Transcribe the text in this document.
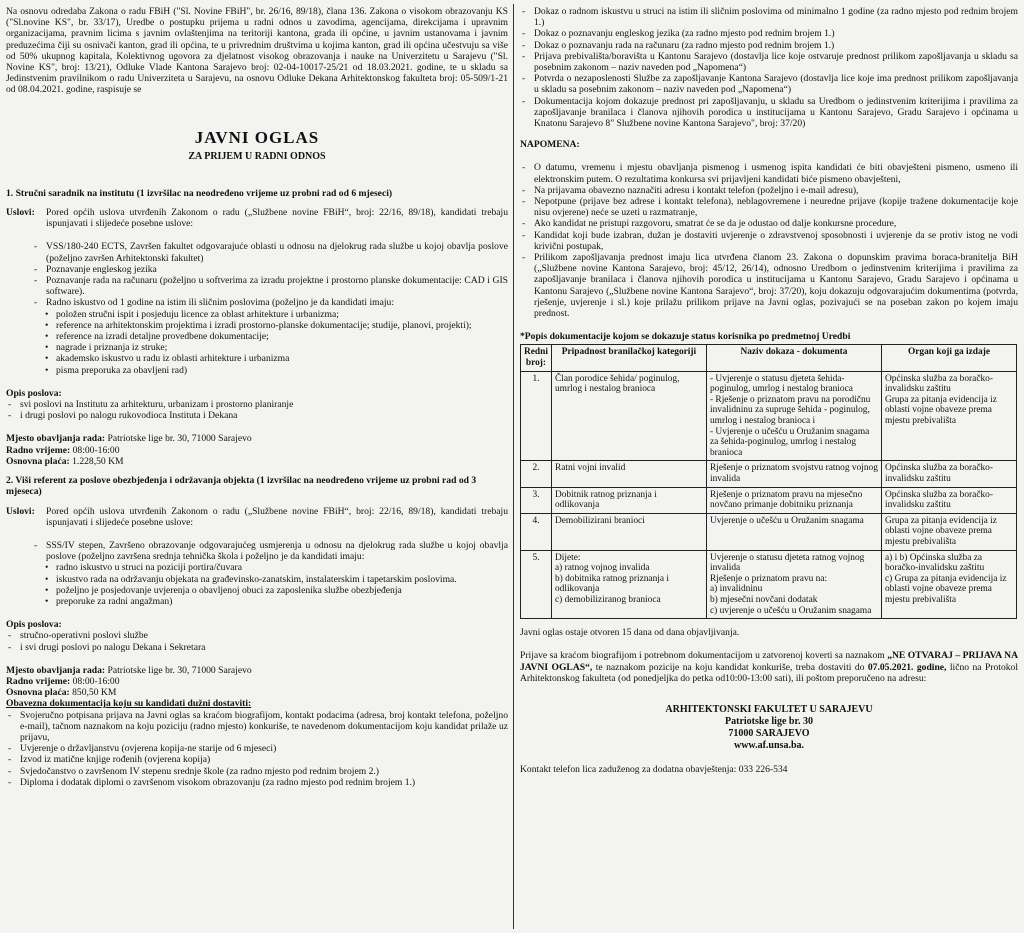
Na osnovu odredaba Zakona o radu FBiH ("Sl. Novine FBiH", br. 26/16, 89/18), člana 136. Zakona o visokom obrazovanju KS ("Sl.novine KS", br. 33/17), Uredbe o postupku prijema u radni odnos u zavodima, agencijama, direkcijama i upravnim organizacijama, pravnim licima s javnim ovlaštenjima na teritoriji kantona, grada ili općine, u javnim ustanovama i javnim preduzećima čiji su osnivači kanton, grad ili općina, te u privrednim društvima u kojima kanton, grad ili općina učestvuju sa više od 50% ukupnog kapitala, Kolektivnog ugovora za djelatnost visokog obrazovanja i nauke na Univerzitetu u Sarajevu ("Sl. Novine KS", broj: 13/21), Odluke Vlade Kantona Sarajevo broj: 02-04-10017-25/21 od 18.03.2021. godine, te u skladu sa Jedinstvenim pravilnikom o radu Univerziteta u Sarajevu, na osnovu Odluke Dekana Arhitektonskog fakulteta broj: 05-509/1-21 od 08.04.2021. godine, raspisuje se

JAVNI OGLAS
ZA PRIJEM U RADNI ODNOS
1. Stručni saradnik na institutu (1 izvršilac na neodređeno vrijeme uz probni rad od 6 mjeseci)
Uslovi:	Pored općih uslova utvrđenih Zakonom o radu („Službene novine FBiH“, broj: 22/16, 89/18), kandidati trebaju ispunjavati i slijedeće posebne uslove:

- VSS/180-240 ECTS, Završen fakultet odgovarajuće oblasti u odnosu na djelokrug rada službe u kojoj obavlja poslove (poželjno završen Arhitektonski fakultet)
- Poznavanje engleskog jezika
- Poznavanje rada na računaru (poželjno u softverima za izradu projektne i prostorno planske dokumentacije: CAD i GIS software).
- Radno iskustvo od 1 godine na istim ili sličnim poslovima (poželjno je da kandidati imaju:
• položen stručni ispit i posjeduju licence za oblast arhitekture i urbanizma;
• reference na arhitektonskim projektima i izradi prostorno-planske dokumentacije; studije, planovi, projekti);
• reference na izradi detaljne provedbene dokumentacije;
• nagrade i priznanja iz struke;
• akademsko iskustvo u radu iz oblasti arhitekture i urbanizma
• pisma preporuka za obavljeni rad)
Opis poslova:
- svi poslovi na Institutu za arhitekturu, urbanizam i prostorno planiranje
- i drugi poslovi po nalogu rukovodioca Instituta i Dekana
Mjesto obavljanja rada: Patriotske lige br. 30, 71000 Sarajevo
Radno vrijeme: 08:00-16:00
Osnovna plaća: 1.228,50 KM
2. Viši referent za poslove obezbjeđenja i održavanja objekta (1 izvršilac na neodređeno vrijeme uz probni rad od 3 mjeseca)
Uslovi:	Pored općih uslova utvrđenih Zakonom o radu („Službene novine FBiH“, broj: 22/16, 89/18), kandidati trebaju ispunjavati i slijedeće posebne uslove:

- SSS/IV stepen, Završeno obrazovanje odgovarajućeg usmjerenja u odnosu na djelokrug rada službe u kojoj obavlja poslove (poželjno završena srednja tehnička škola i poželjno je da kandidati imaju:
• radno iskustvo u struci na poziciji portira/čuvara
• iskustvo rada na održavanju objekata na građevinsko-zanatskim, instalaterskim i tapetarskim poslovima.
• poželjno je posjedovanje uvjerenja o obavljenoj obuci za zaposlenika službe obezbjeđenja
• preporuke za radni angažman)
Opis poslova:
- stručno-operativni poslovi službe
- i svi drugi poslovi po nalogu Dekana i Sekretara
Mjesto obavljanja rada: Patriotske lige br. 30, 71000 Sarajevo
Radno vrijeme: 08:00-16:00
Osnovna plaća: 850,50 KM
Obavezna dokumentacija koju su kandidati dužni dostaviti:
- Svojeručno potpisana prijava na Javni oglas sa kraćom biografijom, kontakt podacima (adresa, broj kontakt telefona, poželjno e-mail), tačnom naznakom na koju poziciju (radno mjesto) konkuriše, te navedenom dokumentacijom koju kandidat prilaže uz prijavu,
- Uvjerenje o državljanstvu (ovjerena kopija-ne starije od 6 mjeseci)
- Izvod iz matične knjige rođenih (ovjerena kopija)
- Svjedočanstvo o završenom IV stepenu srednje škole (za radno mjesto pod rednim brojem 2.)
- Diploma i dodatak diplomi o završenom visokom obrazovanju (za radno mjesto pod rednim brojem 1.)
- Dokaz o radnom iskustvu u struci na istim ili sličnim poslovima od minimalno 1 godine (za radno mjesto pod rednim brojem 1.)
- Dokaz o poznavanju engleskog jezika (za radno mjesto pod rednim brojem 1.)
- Dokaz o poznavanju rada na računaru (za radno mjesto pod rednim brojem 1.)
- Prijava prebivališta/boravišta u Kantonu Sarajevo (dostavlja lice koje ostvaruje prednost prilikom zapošljavanja u skladu sa posebnim zakonom – naziv naveden pod „Napomena“)
- Potvrda o nezaposlenosti Službe za zapošljavanje Kantona Sarajevo (dostavlja lice koje ima prednost prilikom zapošljavanja u skladu sa posebnim zakonom – naziv naveden pod „Napomena“)
- Dokumentacija kojom dokazuje prednost pri zapošljavanju, u skladu sa Uredbom o jedinstvenim kriterijima i pravilima za zapošljavanje branilaca i članova njihovih porodica u institucijama u Kantonu Sarajevo, Gradu Sarajevo i općinama u Knatonu Sarajevo 8" Službene novine Kantona Sarajevo", broj: 37/20)
NAPOMENA:
- O datumu, vremenu i mjestu obavljanja pismenog i usmenog ispita kandidati će biti obavješteni pismeno, usmeno ili elektronskim putem. O rezultatima konkursa svi prijavljeni kandidati biće pismeno obavješteni,
- Na prijavama obavezno naznačiti adresu i kontakt telefon (poželjno i e-mail adresu),
- Nepotpune (prijave bez adrese i kontakt telefona), neblagovremene i neuredne prijave (kopije tražene dokumentacije koje nisu ovjerene) neće se uzeti u razmatranje,
- Ako kandidat ne pristupi razgovoru, smatrat će se da je odustao od dalje konkursne procedure,
- Kandidat koji bude izabran, dužan je dostaviti uvjerenje o zdravstvenoj sposobnosti i uvjerenje da se protiv istog ne vodi krivični postupak,
- Prilikom zapošljavanja prednost imaju lica utvrđena članom 23. Zakona o dopunskim pravima boraca-branitelja BiH („Službene novine Kantona Sarajevo, broj: 45/12, 26/14), odnosno Uredbom o jedinstvenim kriterijima i pravilima za zapošljavanje branilaca i članova njihovih porodica u institucijama u Kantonu Sarajevo, Gradu Sarajevo i općinama u Kantonu Sarajevo („Službene novine Kantona Sarajevo“, broj: 37/20), koju dokazuju odgovarajućim dokumentima (potvrda, rješenje, uvjerenje i sl.) koje prilažu prilikom prijave na Javni oglas, pozivajući se na poseban zakon po kojem imaju prednost.
*Popis dokumentacije kojom se dokazuje status korisnika po predmetnoj Uredbi
Redni broj:	Pripadnost branilačkoj kategoriji	Naziv dokaza - dokumenta	Organ koji ga izdaje
1.	Član porodice šehida/ poginulog, umrlog i nestalog branioca	- Uvjerenje o statusu djeteta šehida-poginulog, umrlog i nestalog branioca
- Rješenje o priznatom pravu na porodičnu invalidninu za supruge šehida - poginulog, umrlog i nestalog branioca i
- Uvjerenje o učešću u Oružanim snagama za šehida-poginulog, umrlog i nestalog branioca	Općinska služba za boračko-invalidsku zaštitu
Grupa za pitanja evidencija iz oblasti vojne obaveze prema mjestu prebivališta
2.	Ratni vojni invalid	Rješenje o priznatom svojstvu ratnog vojnog invalida	Općinska služba za boračko-invalidsku zaštitu
3.	Dobitnik ratnog priznanja i odlikovanja	Rješenje o priznatom pravu na mjesečno novčano primanje dobitniku priznanja	Općinska služba za boračko-invalidsku zaštitu
4.	Demobilizirani branioci	Uvjerenje o učešću u Oružanim snagama	Grupa za pitanja evidencija iz oblasti vojne obaveze prema mjestu prebivališta
5.	Dijete:
a) ratnog vojnog invalida
b) dobitnika ratnog priznanja i odlikovanja
c) demobiliziranog branioca	Uvjerenje o statusu djeteta ratnog vojnog invalida
Rješenje o priznatom pravu na:
a) invalidninu
b) mjesečni novčani dodatak
c) uvjerenje o učešću u Oružanim snagama	a) i b) Općinska služba za boračko-invalidsku zaštitu
c) Grupa za pitanja evidencija iz oblasti vojne obaveze prema mjestu prebivališta

Javni oglas ostaje otvoren 15 dana od dana objavljivanja.

Prijave sa kraćom biografijom i potrebnom dokumentacijom u zatvorenoj koverti sa naznakom „NE OTVARAJ – PRIJAVA NA JAVNI OGLAS“, te naznakom pozicije na koju kandidat konkuriše, treba dostaviti do 07.05.2021. godine, lično na Protokol Arhitektonskog fakulteta (od ponedjeljka do petka od10:00-13:00 sati), ili poštom preporučeno na adresu:

ARHITEKTONSKI FAKULTET U SARAJEVU
Patriotske lige br. 30
71000 SARAJEVO
www.af.unsa.ba.

Kontakt telefon lica zaduženog za dodatna obavještenja: 033 226-534
